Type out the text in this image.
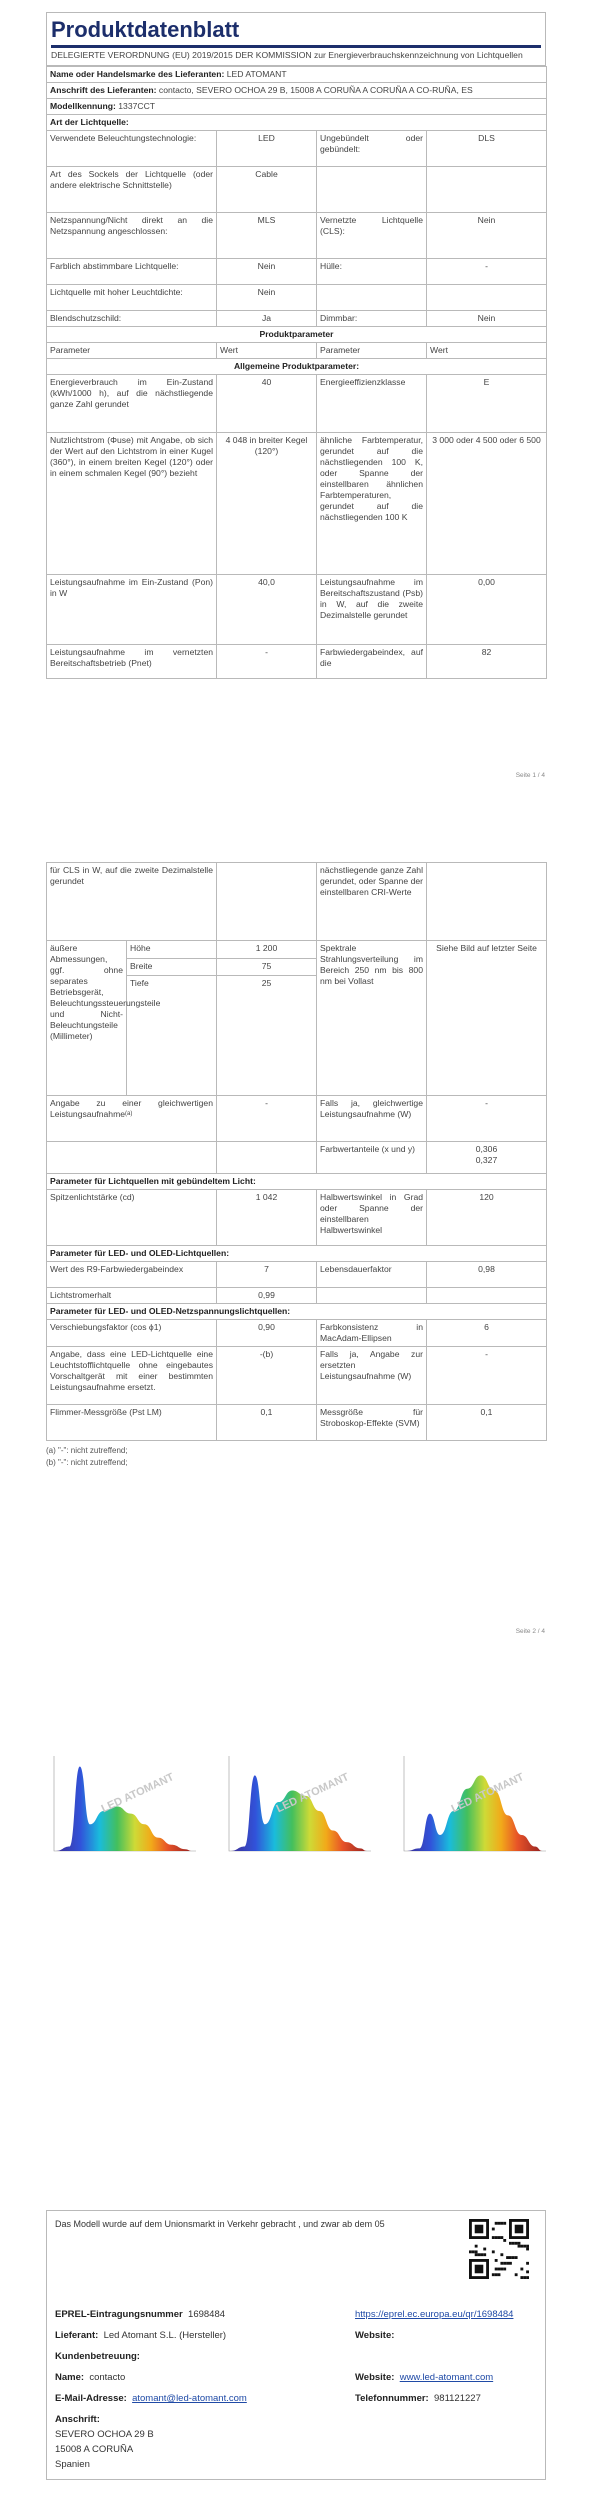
Produktdatenblatt
DELEGIERTE VERORDNUNG (EU) 2019/2015 DER KOMMISSION zur Energieverbrauchskennzeichnung von Lichtquellen
Name oder Handelsmarke des Lieferanten: LED ATOMANT			
Anschrift des Lieferanten: contacto, SEVERO OCHOA 29 B, 15008 A CORUÑA A CORUÑA A CO-RUÑA, ES			
Modellkennung: 1337CCT			
Art der Lichtquelle:			
Verwendete Beleuchtungstechnologie:	LED	Ungebündelt oder gebündelt:	DLS
Art des Sockels der Lichtquelle (oder andere elektrische Schnittstelle)	Cable		
Netzspannung/Nicht direkt an die Netzspannung angeschlossen:	MLS	Vernetzte Lichtquelle (CLS):	Nein
Farblich abstimmbare Lichtquelle:	Nein	Hülle:	-
Lichtquelle mit hoher Leuchtdichte:	Nein		
Blendschutzschild:	Ja	Dimmbar:	Nein
Produktparameter			
Parameter	Wert	Parameter	Wert
Allgemeine Produktparameter:			
Energieverbrauch im Ein-Zustand (kWh/1000 h), auf die nächstliegende ganze Zahl gerundet	40	Energieeffizienzklasse	E
Nutzlichtstrom (Φuse) mit Angabe, ob sich der Wert auf den Lichtstrom in einer Kugel (360°), in einem breiten Kegel (120°) oder in einem schmalen Kegel (90°) bezieht	4 048 in breiter Kegel (120°)	ähnliche Farbtemperatur, gerundet auf die nächstliegenden 100 K, oder Spanne der einstellbaren ähnlichen Farbtemperaturen, gerundet auf die nächstliegenden 100 K	3 000 oder 4 500 oder 6 500
Leistungsaufnahme im Ein-Zustand (Pon) in W	40,0	Leistungsaufnahme im Bereitschaftszustand (Psb) in W, auf die zweite Dezimalstelle gerundet	0,00
Leistungsaufnahme im vernetzten Bereitschaftsbetrieb (Pnet)	-	Farbwiedergabeindex, auf die	82
Seite 1 / 4
für CLS in W, auf die zweite Dezimalstelle gerundet			nächstliegende ganze Zahl gerundet, oder Spanne der einstellbaren CRI-Werte	
äußere Abmessungen, ggf. ohne separates Betriebsgerät, Beleuchtungssteuerungsteile und Nicht-Beleuchtungsteile (Millimeter)	Höhe	1 200	Spektrale Strahlungsverteilung im Bereich 250 nm bis 800 nm bei Vollast	Siehe Bild auf letzter Seite
	Breite	75		
	Tiefe	25		
Angabe zu einer gleichwertigen Leistungsaufnahme$^{(a)}$		-	Falls ja, gleichwertige Leistungsaufnahme (W)	-
			Farbwertanteile (x und y)	0,306
0,327
Parameter für Lichtquellen mit gebündeltem Licht:				
Spitzenlichtstärke (cd)		1 042	Halbwertswinkel in Grad oder Spanne der einstellbaren Halbwertswinkel	120
Parameter für LED- und OLED-Lichtquellen:				
Wert des R9-Farbwiedergabeindex		7	Lebensdauerfaktor	0,98
Lichtstromerhalt		0,99		
Parameter für LED- und OLED-Netzspannungslichtquellen:				
Verschiebungsfaktor (cos ϕ1)		0,90	Farbkonsistenz in MacAdam-Ellipsen	6
Angabe, dass eine LED-Lichtquelle eine Leuchtstofflichtquelle ohne eingebautes Vorschaltgerät mit einer bestimmten Leistungsaufnahme ersetzt.		-(b)	Falls ja, Angabe zur ersetzten Leistungsaufnahme (W)	-
Flimmer-Messgröße (Pst LM)		0,1	Messgröße für Stroboskop-Effekte (SVM)	0,1
(a) "-": nicht zutreffend;
(b) "-": nicht zutreffend;
Seite 2 / 4
LED ATOMANT	LED ATOMANT	LED ATOMANT
Das Modell wurde auf dem Unionsmarkt in Verkehr gebracht , und zwar ab dem 05
EPREL-Eintragungsnummer 1698484	https://eprel.ec.europa.eu/qr/1698484
Lieferant: Led Atomant S.L. (Hersteller)	Website:
Kundenbetreuung:
Name: contacto	Website: www.led-atomant.com
E-Mail-Adresse: atomant@led-atomant.com	Telefonnummer: 981121227
Anschrift:
SEVERO OCHOA 29 B
15008 A CORUÑA
Spanien
